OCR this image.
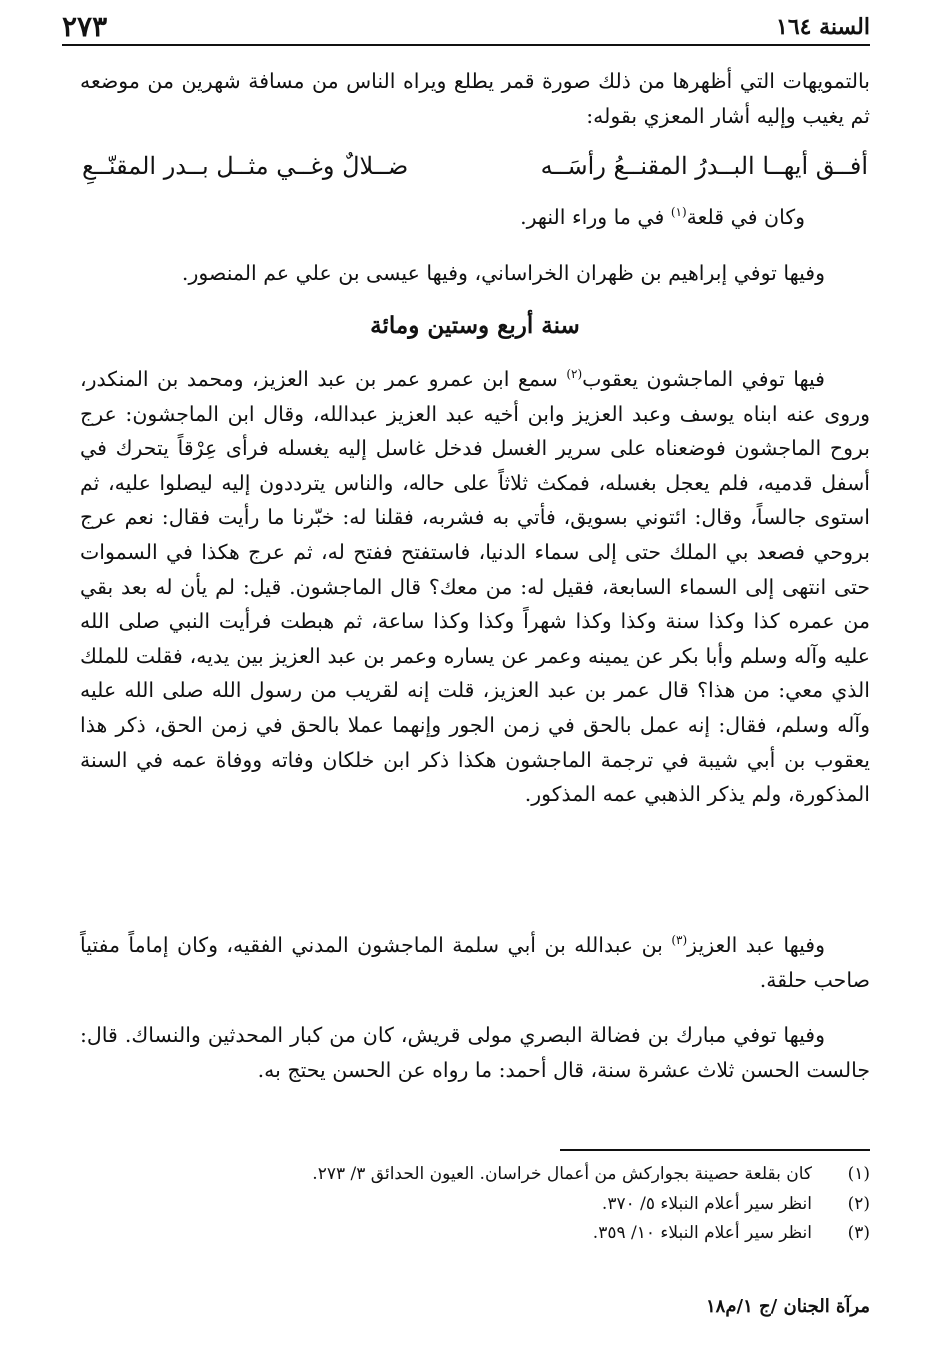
السنة ١٦٤
٢٧٣

بالتمويهات التي أظهرها من ذلك صورة قمر يطلع ويراه الناس من مسافة شهرين من موضعه ثم يغيب وإليه أشار المعزي بقوله:

أفــق أيهــا البــدرُ المقنــعُ رأسَــه
ضــلالٌ وغــي مثــل بــدر المقنّــعِ

وكان في قلعة$^{(١)}$ في ما وراء النهر.

وفيها توفي إبراهيم بن ظهران الخراساني، وفيها عيسى بن علي عم المنصور.

سنة أربع وستين ومائة

فيها توفي الماجشون يعقوب$^{(٢)}$ سمع ابن عمرو عمر بن عبد العزيز، ومحمد بن المنكدر، وروى عنه ابناه يوسف وعبد العزيز وابن أخيه عبد العزيز عبدالله، وقال ابن الماجشون: عرج بروح الماجشون فوضعناه على سرير الغسل فدخل غاسل إليه يغسله فرأى عِرْقاً يتحرك في أسفل قدميه، فلم يعجل بغسله، فمكث ثلاثاً على حاله، والناس يترددون إليه ليصلوا عليه، ثم استوى جالساً، وقال: ائتوني بسويق، فأتي به فشربه، فقلنا له: خبّرنا ما رأيت فقال: نعم عرج بروحي فصعد بي الملك حتى إلى سماء الدنيا، فاستفتح ففتح له، ثم عرج هكذا في السموات حتى انتهى إلى السماء السابعة، فقيل له: من معك؟ قال الماجشون. قيل: لم يأن له بعد بقي من عمره كذا وكذا سنة وكذا وكذا شهراً وكذا وكذا ساعة، ثم هبطت فرأيت النبي صلى الله عليه وآله وسلم وأبا بكر عن يمينه وعمر عن يساره وعمر بن عبد العزيز بين يديه، فقلت للملك الذي معي: من هذا؟ قال عمر بن عبد العزيز، قلت إنه لقريب من رسول الله صلى الله عليه وآله وسلم، فقال: إنه عمل بالحق في زمن الجور وإنهما عملا بالحق في زمن الحق، ذكر هذا يعقوب بن أبي شيبة في ترجمة الماجشون هكذا ذكر ابن خلكان وفاته ووفاة عمه في السنة المذكورة، ولم يذكر الذهبي عمه المذكور.

وفيها عبد العزيز$^{(٣)}$ بن عبدالله بن أبي سلمة الماجشون المدني الفقيه، وكان إماماً مفتياً صاحب حلقة.

وفيها توفي مبارك بن فضالة البصري مولى قريش، كان من كبار المحدثين والنساك. قال: جالست الحسن ثلاث عشرة سنة، قال أحمد: ما رواه عن الحسن يحتج به.

(١)
كان بقلعة حصينة بجواركش من أعمال خراسان. العيون الحدائق ٣/ ٢٧٣.
(٢)
انظر سير أعلام النبلاء ٥/ ٣٧٠.
(٣)
انظر سير أعلام النبلاء ١٠/ ٣٥٩.
مرآة الجنان /ج ١/م١٨
